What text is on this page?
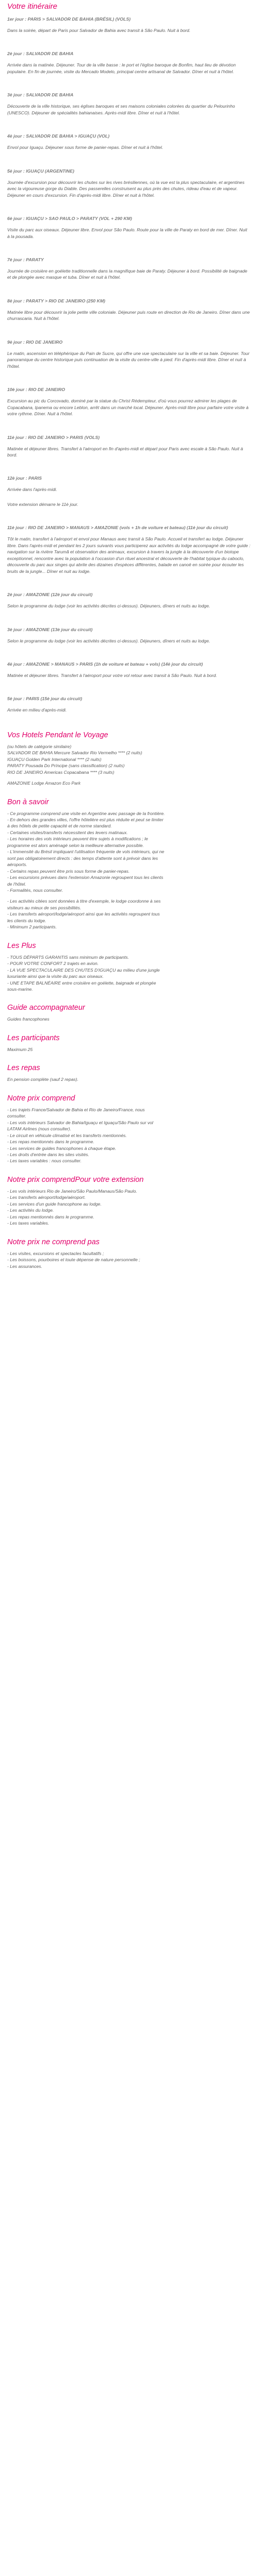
Votre itinéraire
1er jour : PARIS > SALVADOR DE BAHIA (BRÉSIL) (VOLS)
Dans la soirée, départ de Paris pour Salvador de Bahia avec transit à São Paulo. Nuit à bord.
2è jour : SALVADOR DE BAHIA
Arrivée dans la matinée. Déjeuner. Tour de la ville basse : le port et l'église baroque de Bonfim, haut lieu de dévotion populaire. En fin de journée, visite du Mercado Modelo, principal centre artisanal de Salvador. Dîner et nuit à l'hôtel.
3è jour : SALVADOR DE BAHIA
Découverte de la ville historique, ses églises baroques et ses maisons coloniales colorées du quartier du Pelourinho (UNESCO). Déjeuner de spécialités bahianaises. Après-midi libre. Dîner et nuit à l'hôtel.
4è jour : SALVADOR DE BAHIA > IGUAÇU (VOL)
Envol pour Iguaçu. Déjeuner sous forme de panier-repas. Dîner et nuit à l'hôtel.
5è jour : IGUAÇU (ARGENTINE)
Journée d'excursion pour découvrir les chutes sur les rives brésiliennes, où la vue est la plus spectaculaire, et argentines avec la vigoureuse gorge du Diable. Des passerelles construisent au plus près des chutes, rideau d'eau et de vapeur. Déjeuner en cours d'excursion. Fin d'après-midi libre. Dîner et nuit à l'hôtel.
6è jour : IGUAÇU > SAO PAULO > PARATY (VOL + 290 KM)
Visite du parc aux oiseaux. Déjeuner libre. Envol pour São Paulo. Route pour la ville de Paraty en bord de mer. Dîner. Nuit à la pousada.
7è jour : PARATY
Journée de croisière en goélette traditionnelle dans la magnifique baie de Paraty. Déjeuner à bord. Possibilité de baignade et de plongée avec masque et tuba. Dîner et nuit à l'hôtel.
8è jour : PARATY > RIO DE JANEIRO (250 KM)
Matinée libre pour découvrir la jolie petite ville coloniale. Déjeuner puis route en direction de Rio de Janeiro. Dîner dans une churrascaria. Nuit à l'hôtel.
9è jour : RIO DE JANEIRO
Le matin, ascension en téléphérique du Pain de Sucre, qui offre une vue spectaculaire sur la ville et sa baie. Déjeuner. Tour panoramique du centre historique puis continuation de la visite du centre-ville à pied. Fin d'après-midi libre. Dîner et nuit à l'hôtel.
10è jour : RIO DE JANEIRO
Excursion au pic du Corcovado, dominé par la statue du Christ Rédempteur, d'où vous pourrez admirer les plages de Copacabana, Ipanema ou encore Leblon, arrêt dans un marché local. Déjeuner. Après-midi libre pour parfaire votre visite à votre rythme. Dîner. Nuit à l'hôtel.
11è jour : RIO DE JANEIRO > PARIS (VOLS)
Matinée et déjeuner libres. Transfert à l'aéroport en fin d'après-midi et départ pour Paris avec escale à São Paulo. Nuit à bord.
12è jour : PARIS
Arrivée dans l'après-midi.
Votre extension démarre le 11è jour.
11è jour : RIO DE JANEIRO > MANAUS > AMAZONIE (vols + 1h de voiture et bateau) (11è jour du circuit)
Tôt le matin, transfert à l'aéroport et envol pour Manaus avec transit à São Paulo. Accueil et transfert au lodge. Déjeuner libre. Dans l'après-midi et pendant les 2 jours suivants vous participerez aux activités du lodge accompagné de votre guide : navigation sur la rivière Tarumã et observation des animaux, excursion à travers la jungle à la découverte d'un biotope exceptionnel, rencontre avec la population à l'occasion d'un rituel ancestral et découverte de l'habitat typique du caboclo, découverte du parc aux singes qui abrite des dizaines d'espèces différentes, balade en canoë en soirée pour écouter les bruits de la jungle... Dîner et nuit au lodge.
2è jour : AMAZONIE (12è jour du circuit)
Selon le programme du lodge (voir les activités décrites ci-dessus). Déjeuners, dîners et nuits au lodge.
3è jour : AMAZONIE (13è jour du circuit)
Selon le programme du lodge (voir les activités décrites ci-dessus). Déjeuners, dîners et nuits au lodge.
4è jour : AMAZONIE > MANAUS > PARIS (1h de voiture et bateau + vols) (14è jour du circuit)
Matinée et déjeuner libres. Transfert à l'aéroport pour votre vol retour avec transit à São Paulo. Nuit à bord.
5è jour : PARIS (15è jour du circuit)
Arrivée en milieu d'après-midi.
Vos Hotels Pendant le Voyage
(ou hôtels de catégorie similaire)
SALVADOR DE BAHIA Mercure Salvador Rio Vermelho **** (2 nuits)
IGUAÇU Golden Park International **** (2 nuits)
PARATY Pousada Do Príncipe (sans classification) (2 nuits)
RIO DE JANEIRO Americas Copacabana **** (3 nuits)
AMAZONIE Lodge Amazon Eco Park
Bon à savoir
- Ce programme comprend une visite en Argentine avec passage de la frontière.
- En dehors des grandes villes, l'offre hôtelière est plus réduite et peut se limiter
à des hôtels de petite capacité et de norme standard.
- Certaines visites/transferts nécessitent des levers matinaux.
- Les horaires des vols intérieurs peuvent être sujets à modifications ; le
programme est alors aménagé selon la meilleure alternative possible.
- L'immensité du Brésil impliquant l'utilisation fréquente de vols intérieurs, qui ne
sont pas obligatoirement directs : des temps d'attente sont à prévoir dans les
aéroports.
- Certains repas peuvent être pris sous forme de panier-repas.
- Les excursions prévues dans l'extension Amazonie regroupent tous les clients
de l'hôtel.
- Formalités, nous consulter.
- Les activités citées sont données à titre d'exemple, le lodge coordonne à ses
visiteurs au mieux de ses possibilités.
- Les transferts aéroport/lodge/aéroport ainsi que les activités regroupent tous
les clients du lodge.
- Minimum 2 participants.
Les Plus
- TOUS DÉPARTS GARANTIS sans minimum de participants.
- POUR VOTRE CONFORT 2 trajets en avion.
- LA VUE SPECTACULAIRE DES CHUTES D'IGUAÇU au milieu d'une jungle
luxuriante ainsi que la visite du parc aux oiseaux.
- UNE ETAPE BALNÉAIRE entre croisière en goélette, baignade et plongée
sous-marine.
Guide accompagnateur
Guides francophones
Les participants
Maximum 25
Les repas
En pension complète (sauf 2 repas).
Notre prix comprend
- Les trajets France/Salvador de Bahia et Rio de Janeiro/France, nous
consulter.
- Les vols intérieurs Salvador de Bahia/Iguaçu et Iguaçu/São Paulo sur vol
LATAM Airlines (nous consulter).
- Le circuit en véhicule climatisé et les transferts mentionnés.
- Les repas mentionnés dans le programme.
- Les services de guides francophones à chaque étape.
- Les droits d'entrée dans les sites visités.
- Les taxes variables : nous consulter.
Notre prix comprendPour votre extension
- Les vols intérieurs Rio de Janeiro/São Paulo/Manaus/São Paulo.
- Les transferts aéroport/lodge/aéroport.
- Les services d'un guide francophone au lodge.
- Les activités du lodge.
- Les repas mentionnés dans le programme.
- Les taxes variables.
Notre prix ne comprend pas
- Les visites, excursions et spectacles facultatifs ;
- Les boissons, pourboires et toute dépense de nature personnelle ;
- Les assurances.
